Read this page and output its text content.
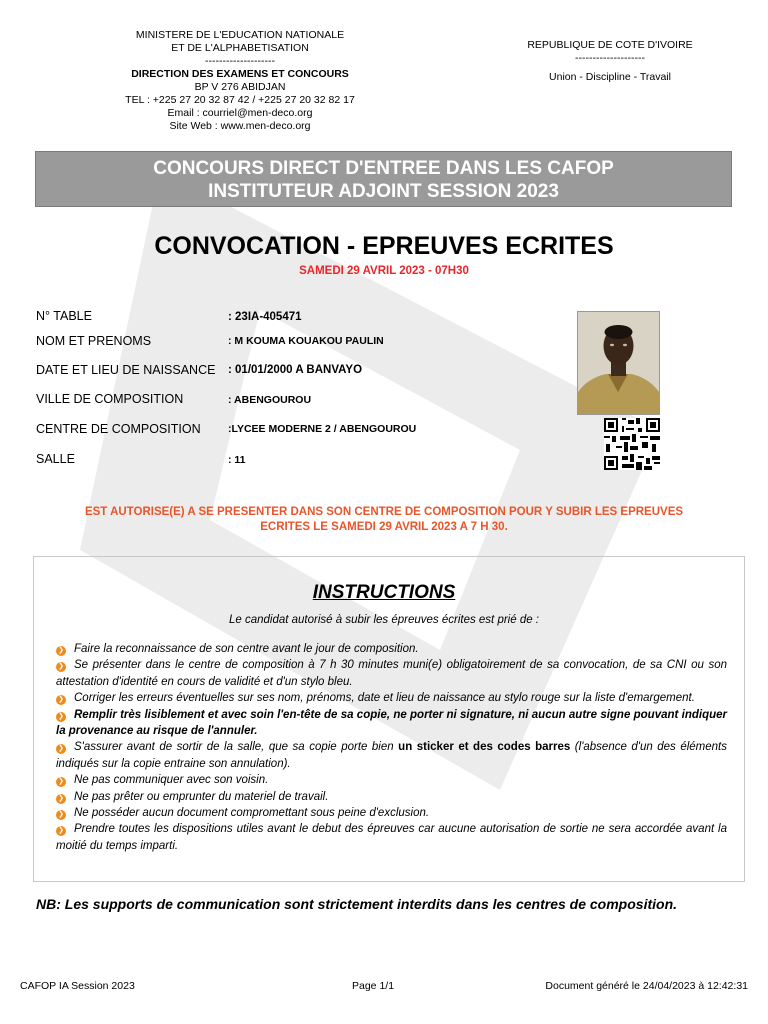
MINISTERE DE L'EDUCATION NATIONALE
ET DE L'ALPHABETISATION
--------------------
DIRECTION DES EXAMENS ET CONCOURS
BP V 276 ABIDJAN
TEL : +225 27 20 32 87 42 / +225 27 20 32 82 17
Email : courriel@men-deco.org
Site Web : www.men-deco.org
REPUBLIQUE DE COTE D'IVOIRE
--------------------
Union - Discipline - Travail
CONCOURS DIRECT D'ENTREE DANS LES CAFOP
INSTITUTEUR ADJOINT SESSION 2023
CONVOCATION - EPREUVES ECRITES
SAMEDI 29 AVRIL 2023 - 07H30
N° TABLE	: 23IA-405471
NOM ET PRENOMS	: M KOUMA KOUAKOU PAULIN
DATE ET LIEU DE NAISSANCE : 01/01/2000 A BANVAYO
VILLE DE COMPOSITION	: ABENGOUROU
CENTRE DE COMPOSITION	:LYCEE MODERNE 2 / ABENGOUROU
SALLE	: 11
EST AUTORISE(E) A SE PRESENTER DANS SON CENTRE DE COMPOSITION POUR Y SUBIR LES EPREUVES
ECRITES LE SAMEDI 29 AVRIL 2023 A 7 H 30.
INSTRUCTIONS
Le candidat autorisé à subir les épreuves écrites est prié de :

❯ Faire la reconnaissance de son centre avant le jour de composition.

❯ Se présenter dans le centre de composition à 7 h 30 minutes muni(e) obligatoirement de sa convocation, de sa CNI ou son attestation d'identité en cours de validité et d'un stylo bleu.

❯ Corriger les erreurs éventuelles sur ses nom, prénoms, date et lieu de naissance au stylo rouge sur la liste d'emargement.

❯ Remplir très lisiblement et avec soin l'en-tête de sa copie, ne porter ni signature, ni aucun autre signe pouvant indiquer la provenance au risque de l'annuler.

❯ S'assurer avant de sortir de la salle, que sa copie porte bien un sticker et des codes barres (l'absence d'un des éléments indiqués sur la copie entraine son annulation).

❯ Ne pas communiquer avec son voisin.

❯ Ne pas prêter ou emprunter du materiel de travail.

❯ Ne posséder aucun document compromettant sous peine d'exclusion.

❯ Prendre toutes les dispositions utiles avant le debut des épreuves car aucune autorisation de sortie ne sera accordée avant la moitié du temps imparti.

NB: Les supports de communication sont strictement interdits dans les centres de composition.
CAFOP IA Session 2023	Page 1/1	Document généré le 24/04/2023 à 12:42:31
